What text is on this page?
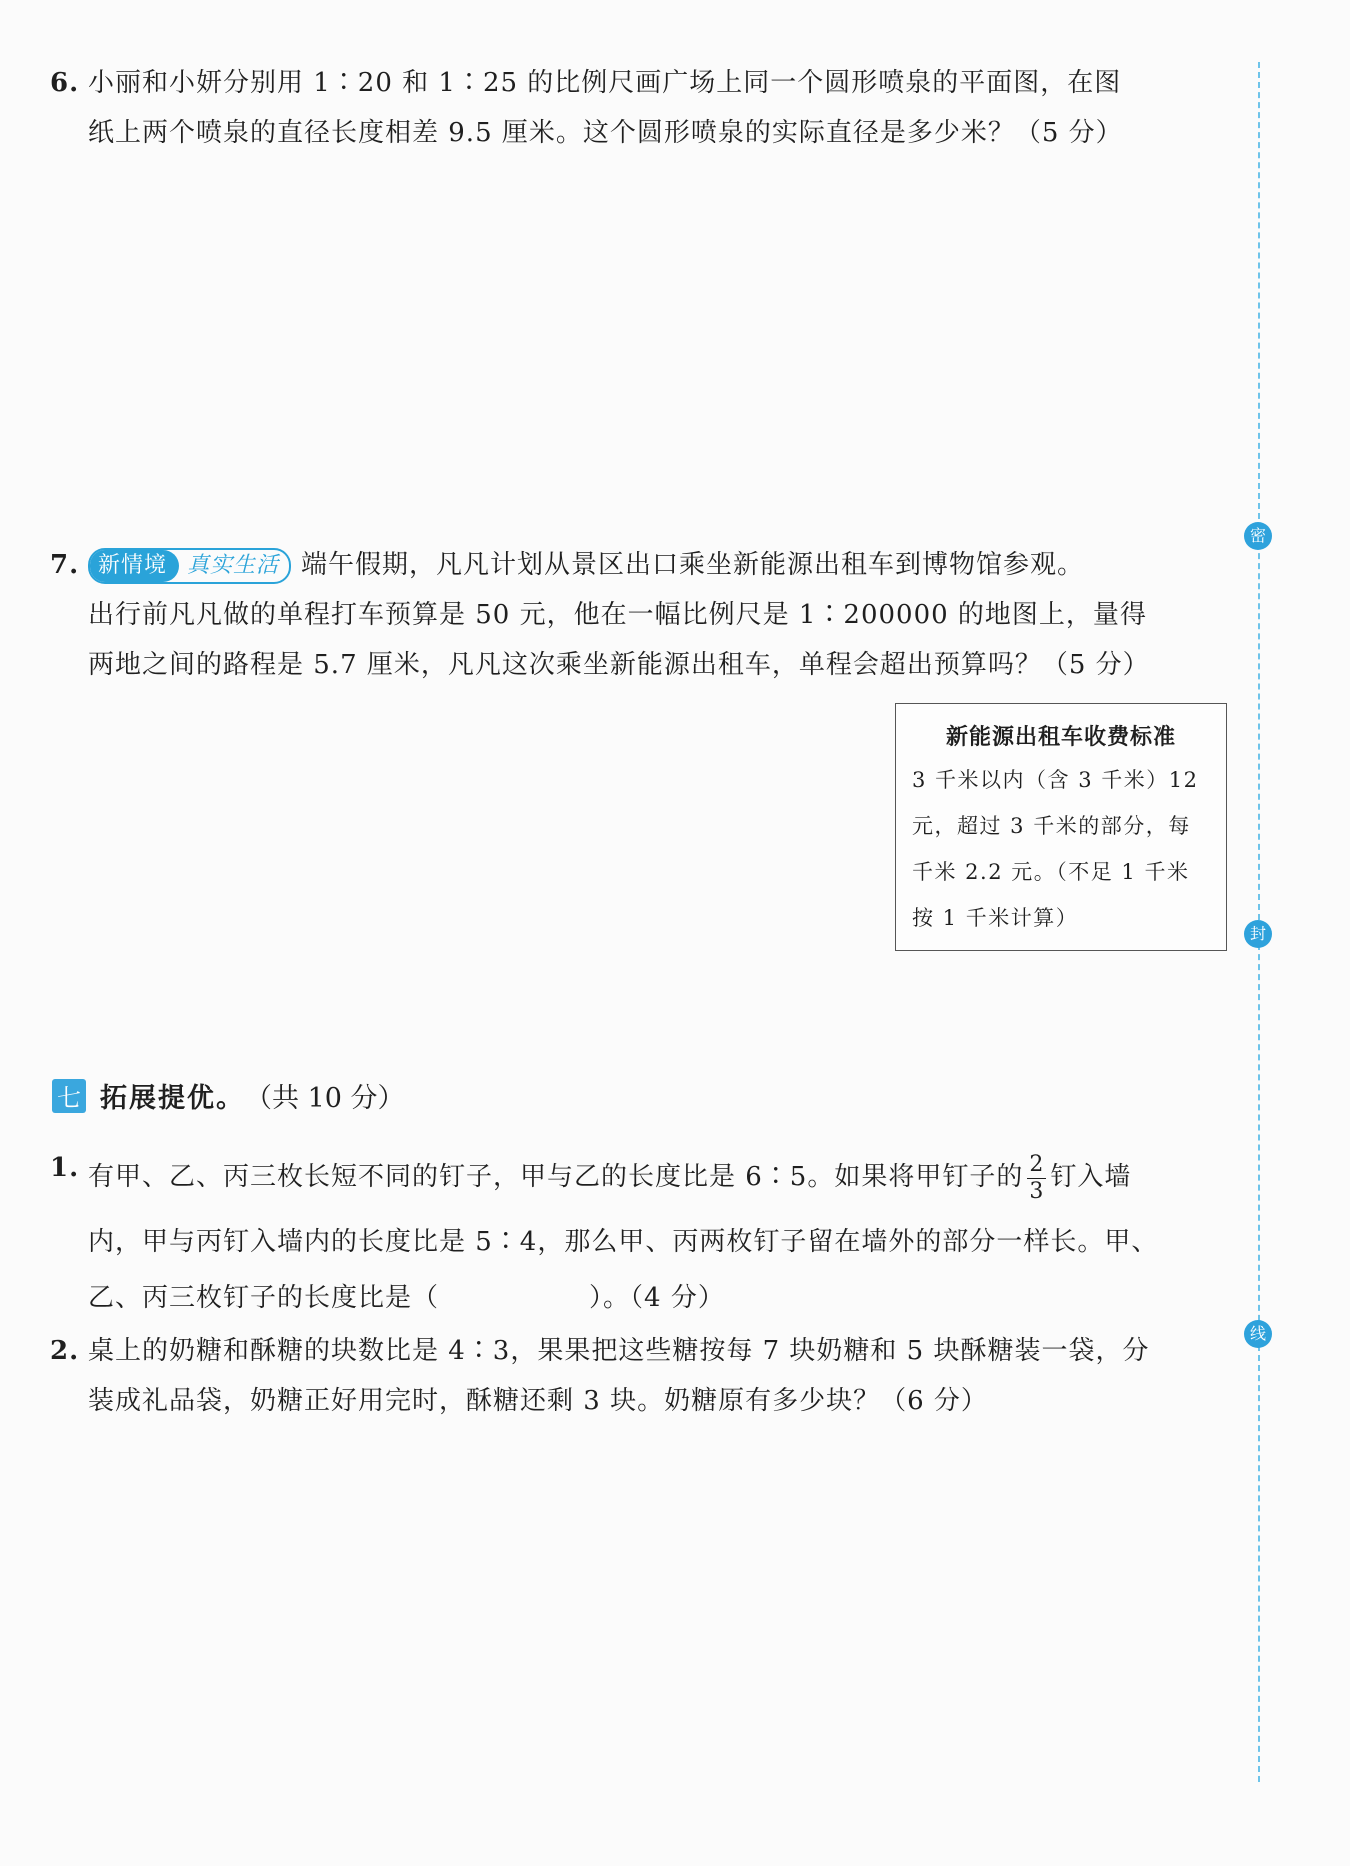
6. 小丽和小妍分别用 1∶20 和 1∶25 的比例尺画广场上同一个圆形喷泉的平面图，在图
纸上两个喷泉的直径长度相差 9.5 厘米。这个圆形喷泉的实际直径是多少米？（5 分）
7. 新情境 真实生活 端午假期，凡凡计划从景区出口乘坐新能源出租车到博物馆参观。
出行前凡凡做的单程打车预算是 50 元，他在一幅比例尺是 1∶200000 的地图上，量得
两地之间的路程是 5.7 厘米，凡凡这次乘坐新能源出租车，单程会超出预算吗？（5 分）
新能源出租车收费标准
3 千米以内（含 3 千米）12
元，超过 3 千米的部分，每
千米 2.2 元。（不足 1 千米
按 1 千米计算）
七 拓展提优。 （共 10 分）
1. 有甲、乙、丙三枚长短不同的钉子，甲与乙的长度比是 6∶5。如果将甲钉子的 $\frac{2}{3}$ 钉入墙
内，甲与丙钉入墙内的长度比是 5∶4，那么甲、丙两枚钉子留在墙外的部分一样长。甲、
乙、丙三枚钉子的长度比是（	）。（4 分）
2. 桌上的奶糖和酥糖的块数比是 4∶3，果果把这些糖按每 7 块奶糖和 5 块酥糖装一袋，分
装成礼品袋，奶糖正好用完时，酥糖还剩 3 块。奶糖原有多少块？（6 分）
密
封
线
